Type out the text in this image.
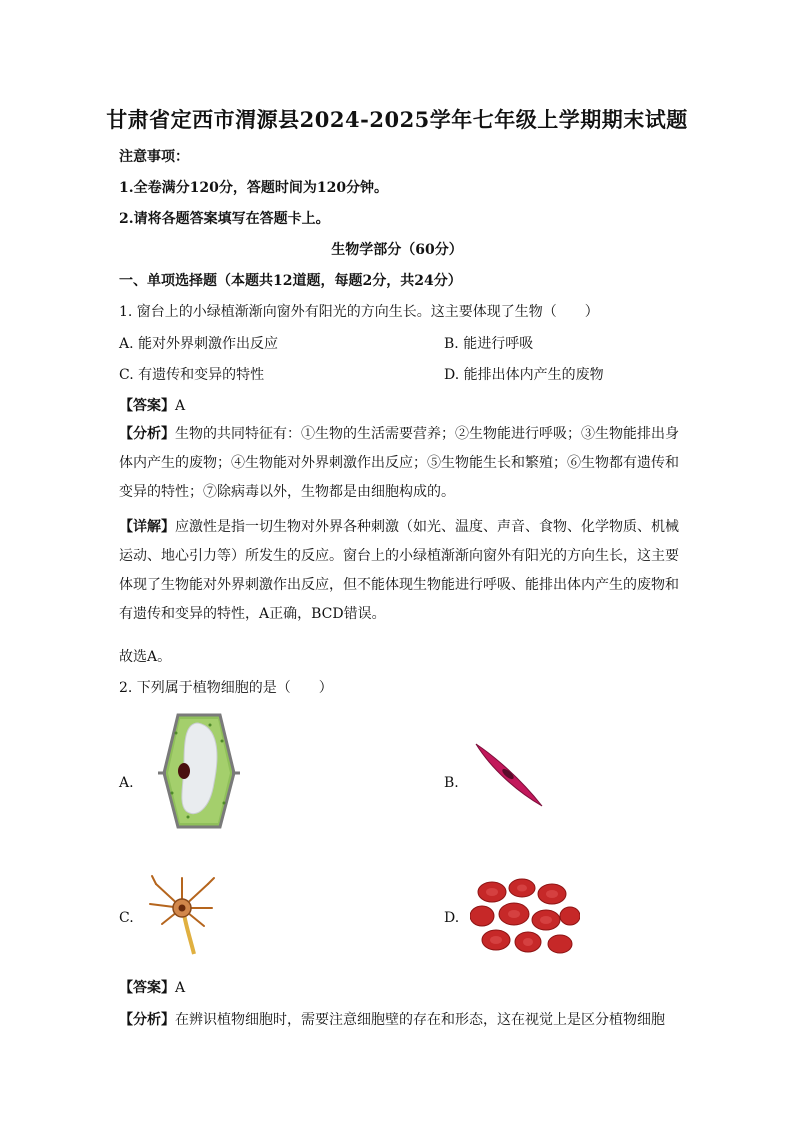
甘肃省定西市渭源县2024-2025学年七年级上学期期末试题
注意事项：
1.全卷满分120分，答题时间为120分钟。
2.请将各题答案填写在答题卡上。
生物学部分（60分）
一、单项选择题（本题共12道题，每题2分，共24分）
1. 窗台上的小绿植渐渐向窗外有阳光的方向生长。这主要体现了生物（　　）
A. 能对外界刺激作出反应	B. 能进行呼吸
C. 有遗传和变异的特性	D. 能排出体内产生的废物
【答案】A
【分析】生物的共同特征有：①生物的生活需要营养；②生物能进行呼吸；③生物能排出身体内产生的废物；④生物能对外界刺激作出反应；⑤生物能生长和繁殖；⑥生物都有遗传和变异的特性；⑦除病毒以外，生物都是由细胞构成的。
【详解】应激性是指一切生物对外界各种刺激（如光、温度、声音、食物、化学物质、机械运动、地心引力等）所发生的反应。窗台上的小绿植渐渐向窗外有阳光的方向生长，这主要体现了生物能对外界刺激作出反应，但不能体现生物能进行呼吸、能排出体内产生的废物和有遗传和变异的特性，A正确，BCD错误。
故选A。
2. 下列属于植物细胞的是（　　）
A.	B.
C.	D.
【答案】A
【分析】在辨识植物细胞时，需要注意细胞壁的存在和形态，这在视觉上是区分植物细胞
